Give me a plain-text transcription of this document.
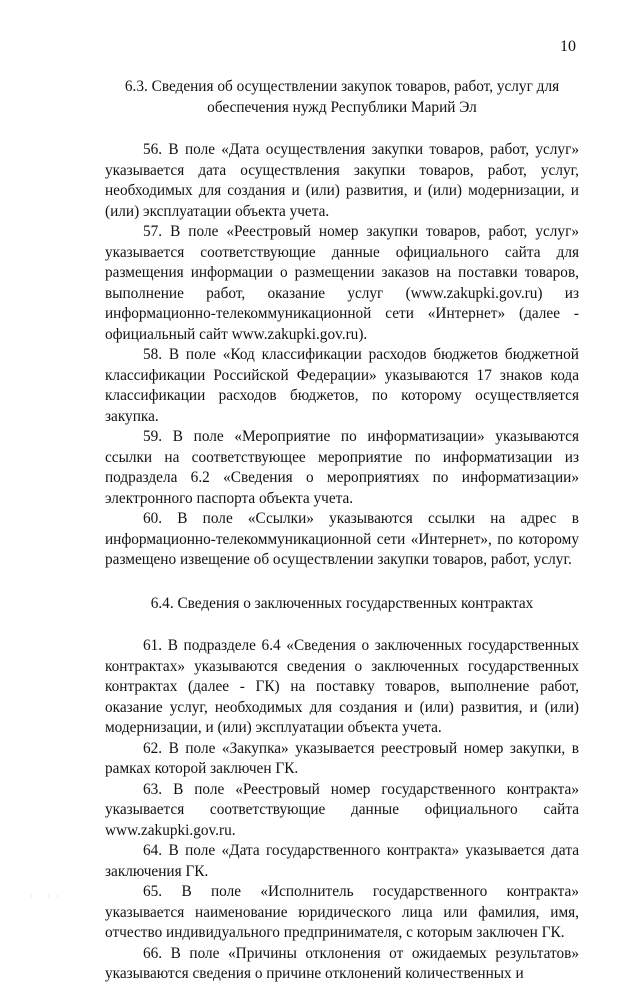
10

6.3. Сведения об осуществлении закупок товаров, работ, услуг для обеспечения нужд Республики Марий Эл

56. В поле «Дата осуществления закупки товаров, работ, услуг» указывается дата осуществления закупки товаров, работ, услуг, необходимых для создания и (или) развития, и (или) модернизации, и (или) эксплуатации объекта учета.

57. В поле «Реестровый номер закупки товаров, работ, услуг» указывается соответствующие данные официального сайта для размещения информации о размещении заказов на поставки товаров, выполнение работ, оказание услуг (www.zakupki.gov.ru) из информационно-телекоммуникационной сети «Интернет» (далее - официальный сайт www.zakupki.gov.ru).

58. В поле «Код классификации расходов бюджетов бюджетной классификации Российской Федерации» указываются 17 знаков кода классификации расходов бюджетов, по которому осуществляется закупка.

59. В поле «Мероприятие по информатизации» указываются ссылки на соответствующее мероприятие по информатизации из подраздела 6.2 «Сведения о мероприятиях по информатизации» электронного паспорта объекта учета.

60. В поле «Ссылки» указываются ссылки на адрес в информационно-телекоммуникационной сети «Интернет», по которому размещено извещение об осуществлении закупки товаров, работ, услуг.

6.4. Сведения о заключенных государственных контрактах

61. В подразделе 6.4 «Сведения о заключенных государственных контрактах» указываются сведения о заключенных государственных контрактах (далее - ГК) на поставку товаров, выполнение работ, оказание услуг, необходимых для создания и (или) развития, и (или) модернизации, и (или) эксплуатации объекта учета.

62. В поле «Закупка» указывается реестровый номер закупки, в рамках которой заключен ГК.

63. В поле «Реестровый номер государственного контракта» указывается соответствующие данные официального сайта www.zakupki.gov.ru.

64. В поле «Дата государственного контракта» указывается дата заключения ГК.

65. В поле «Исполнитель государственного контракта» указывается наименование юридического лица или фамилия, имя, отчество индивидуального предпринимателя, с которым заключен ГК.

66. В поле «Причины отклонения от ожидаемых результатов» указываются сведения о причине отклонений количественных и

· · · ·
